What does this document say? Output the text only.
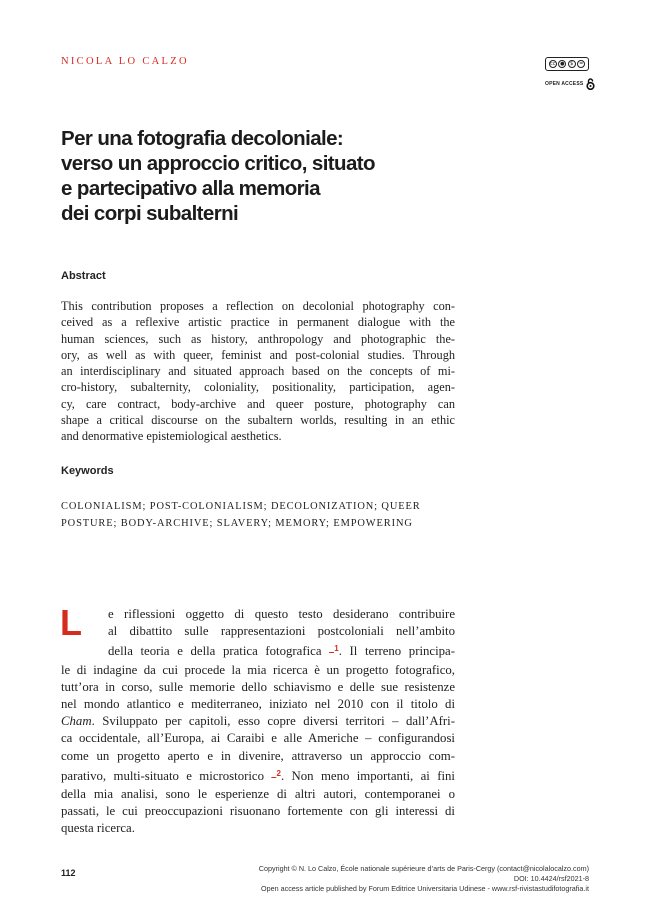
NICOLA LO CALZO	cc ●	$	=
OPEN ACCESS
Per una fotografia decoloniale:
verso un approccio critico, situato
e partecipativo alla memoria
dei corpi subalterni
Abstract
This contribution proposes a reflection on decolonial photography con-
ceived as a reflexive artistic practice in permanent dialogue with the
human sciences, such as history, anthropology and photographic the-
ory, as well as with queer, feminist and post-colonial studies. Through
an interdisciplinary and situated approach based on the concepts of mi-
cro-history, subalternity, coloniality, positionality, participation, agen-
cy, care contract, body-archive and queer posture, photography can
shape a critical discourse on the subaltern worlds, resulting in an ethic
and denormative epistemiological aesthetics.
Keywords
COLONIALISM; POST-COLONIALISM; DECOLONIZATION; QUEER
POSTURE; BODY-ARCHIVE; SLAVERY; MEMORY; EMPOWERING
L	e riflessioni oggetto di questo testo desiderano contribuire
al dibattito sulle rappresentazioni postcoloniali nell’ambito
della teoria e della pratica fotografica –$^1$. Il terreno principa-
le di indagine da cui procede la mia ricerca è un progetto fotografico,
tutt’ora in corso, sulle memorie dello schiavismo e delle sue resistenze
nel mondo atlantico e mediterraneo, iniziato nel 2010 con il titolo di
Cham. Sviluppato per capitoli, esso copre diversi territori – dall’Afri-
ca occidentale, all’Europa, ai Caraibi e alle Americhe – configurandosi
come un progetto aperto e in divenire, attraverso un approccio com-
parativo, multi-situato e microstorico –$^2$. Non meno importanti, ai fini
della mia analisi, sono le esperienze di altri autori, contemporanei o
passati, le cui preoccupazioni risuonano fortemente con gli interessi di
questa ricerca.
112	Copyright © N. Lo Calzo, École nationale supérieure d’arts de Paris-Cergy (contact@nicolalocalzo.com)
DOI: 10.4424/rsf2021-8
Open access article published by Forum Editrice Universitaria Udinese - www.rsf-rivistastudifotografia.it
